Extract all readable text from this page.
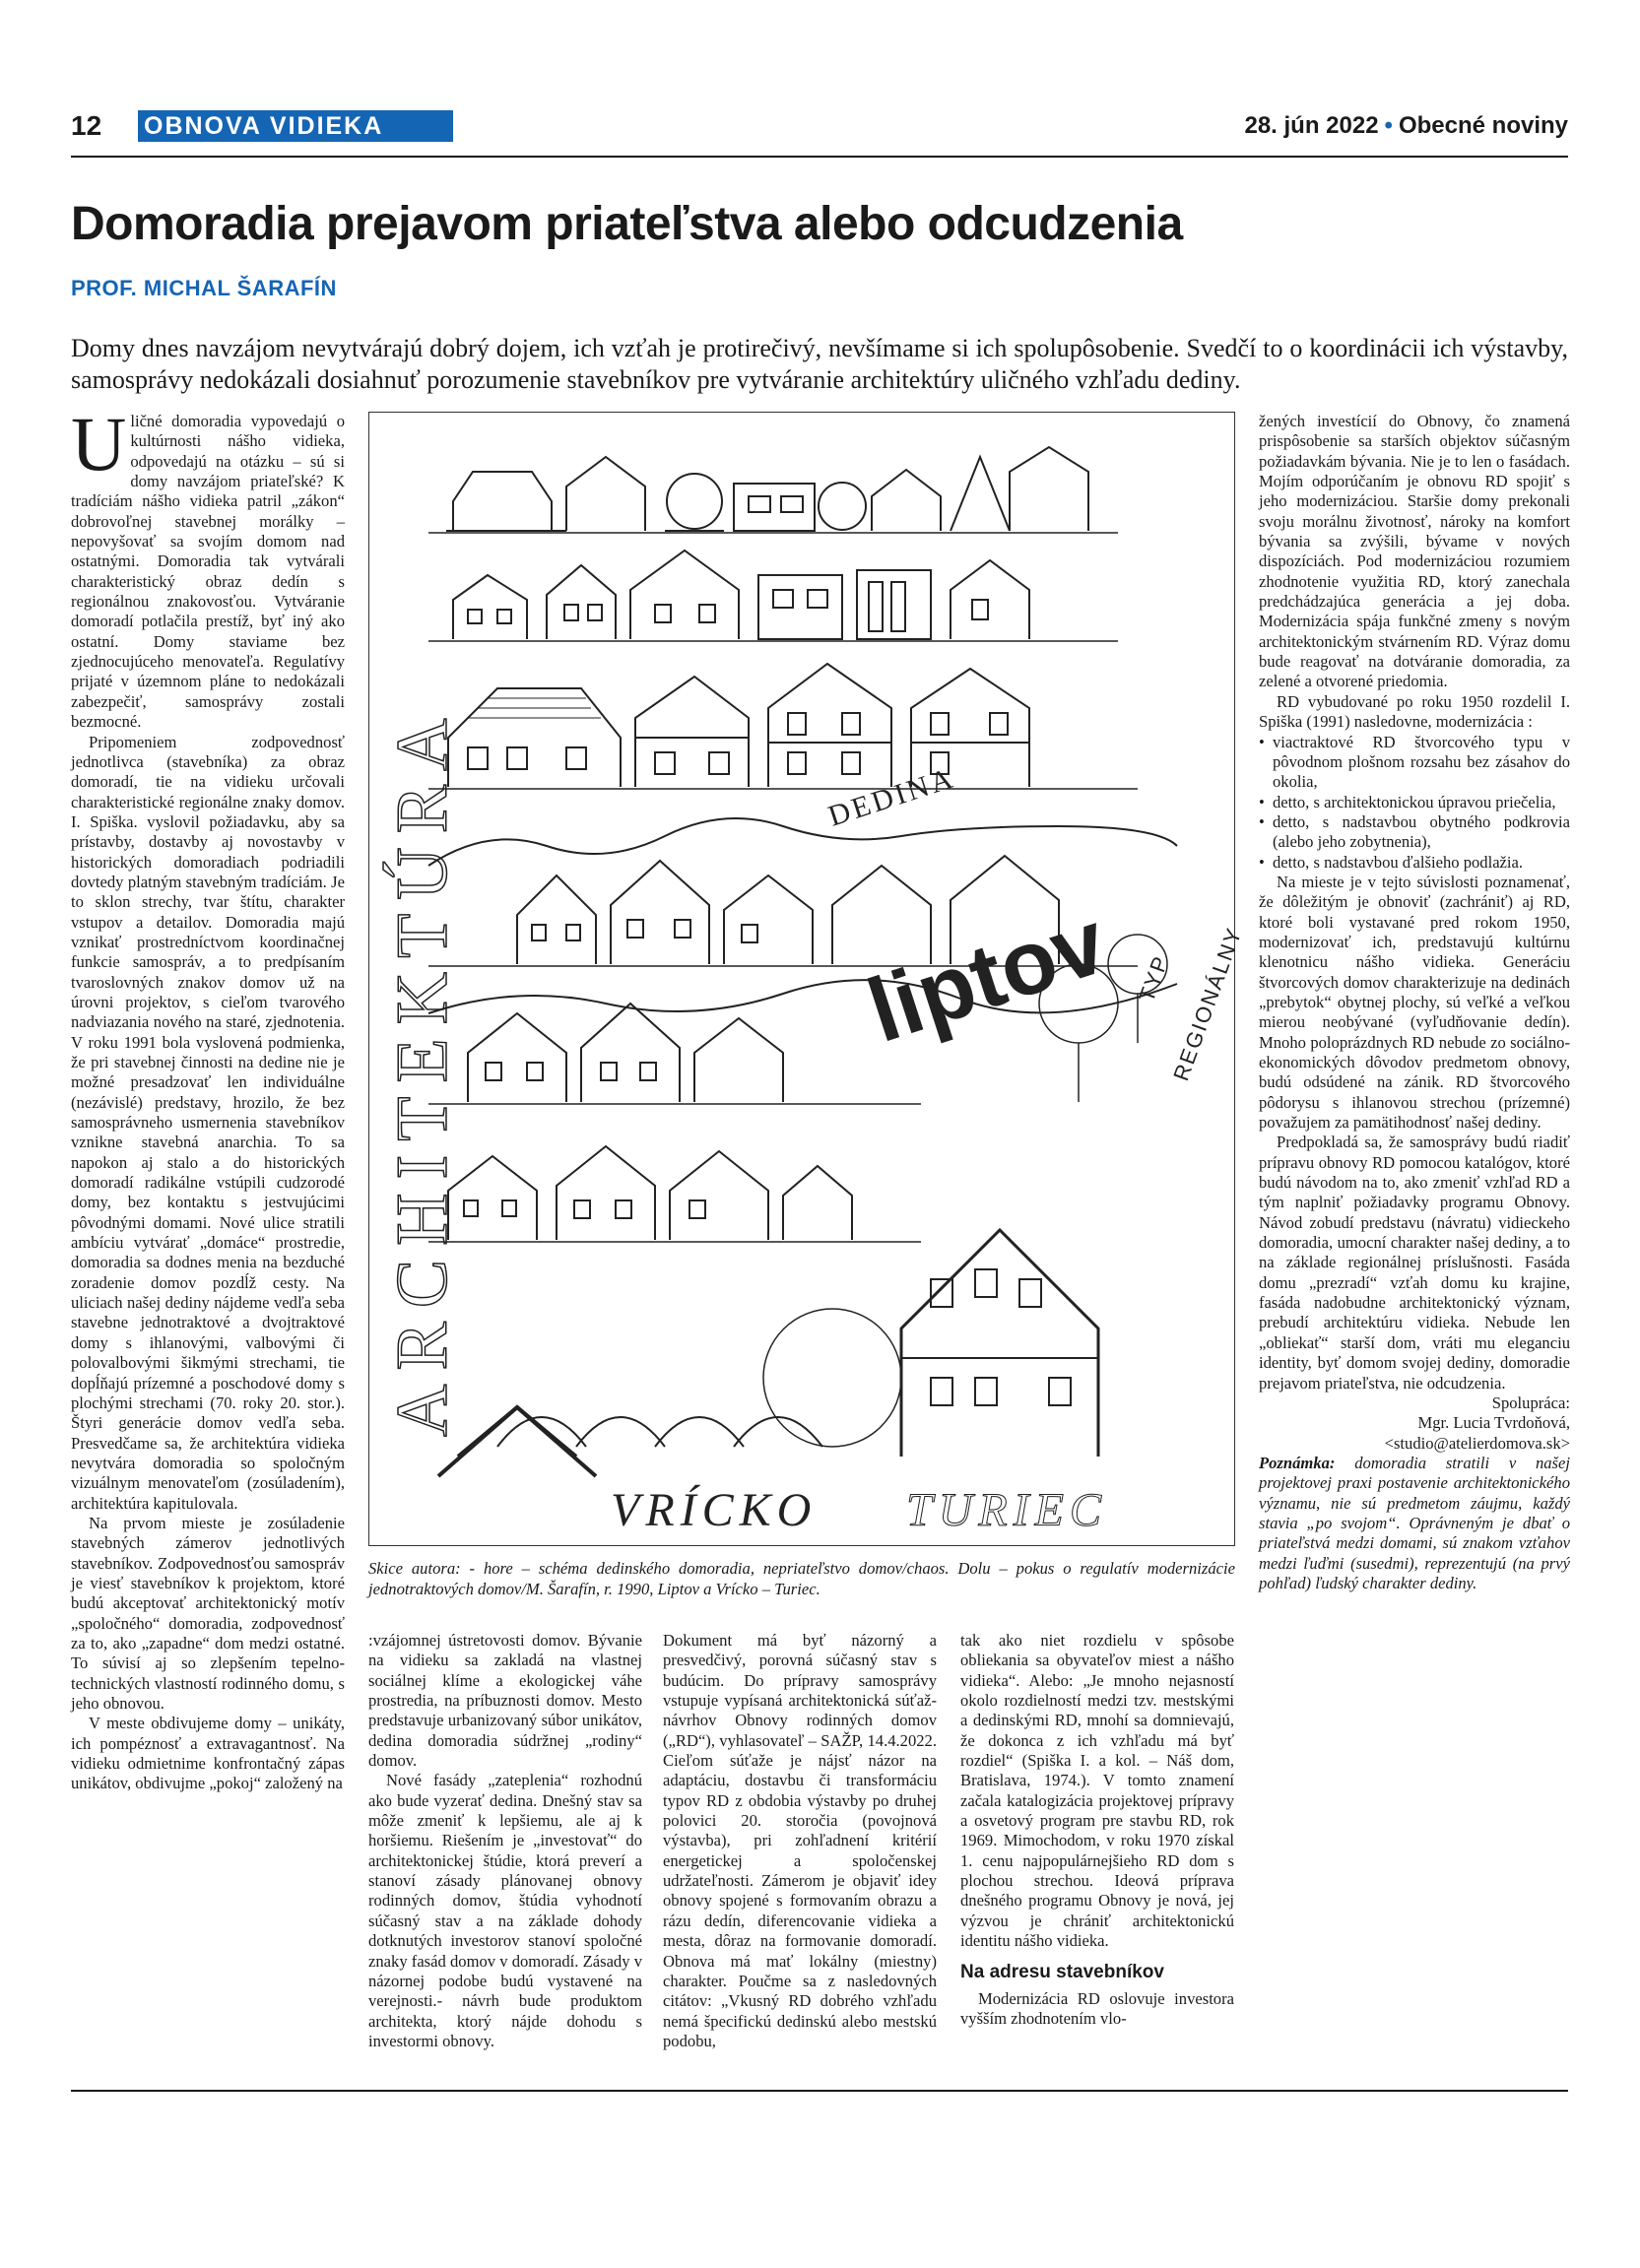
12 OBNOVA VIDIEKA	28. jún 2022 • Obecné noviny
Domoradia prejavom priateľstva alebo odcudzenia
PROF. MICHAL ŠARAFÍN

Domy dnes navzájom nevytvárajú dobrý dojem, ich vzťah je protirečivý, nevšímame si ich spolupôsobenie. Svedčí to o koordinácii ich výstavby, samosprávy nedokázali dosiahnuť porozumenie stavebníkov pre vytváranie architektúry uličného vzhľadu dediny.

Uličné domoradia vypovedajú o kultúrnosti nášho vidieka, odpovedajú na otázku – sú si domy navzájom priateľské? K tradíciám nášho vidieka patril „zákon“ dobrovoľnej stavebnej morálky –nepovyšovať sa svojím domom nad ostatnými. Domoradia tak vytvárali charakteristický obraz dedín s regionálnou znakovosťou. Vytváranie domoradí potlačila prestíž, byť iný ako ostatní. Domy staviame bez zjednocujúceho menovateľa. Regulatívy prijaté v územnom pláne to nedokázali zabezpečiť, samosprávy zostali bezmocné.

Pripomeniem zodpovednosť jednotlivca (stavebníka) za obraz domoradí, tie na vidieku určovali charakteristické regionálne znaky domov. I. Spiška. vyslovil požiadavku, aby sa prístavby, dostavby aj novostavby v historických domoradiach podriadili dovtedy platným stavebným tradíciám. Je to sklon strechy, tvar štítu, charakter vstupov a detailov. Domoradia majú vznikať prostredníctvom koordinačnej funkcie samospráv, a to predpísaním tvaroslovných znakov domov už na úrovni projektov, s cieľom tvarového nadviazania nového na staré, zjednotenia. V roku 1991 bola vyslovená podmienka, že pri stavebnej činnosti na dedine nie je možné presadzovať len individuálne (nezávislé) predstavy, hrozilo, že bez samosprávneho usmernenia stavebníkov vznikne stavebná anarchia. To sa napokon aj stalo a do historických domoradí radikálne vstúpili cudzorodé domy, bez kontaktu s jestvujúcimi pôvodnými domami. Nové ulice stratili ambíciu vytvárať „domáce“ prostredie, domoradia sa dodnes menia na bezduché zoradenie domov pozdĺž cesty. Na uliciach našej dediny nájdeme vedľa seba stavebne jednotraktové a dvojtraktové domy s ihlanovými, valbovými či polovalbovými šikmými strechami, tie dopĺňajú prízemné a poschodové domy s plochými strechami (70. roky 20. stor.). Štyri generácie domov vedľa seba. Presvedčame sa, že architektúra vidieka nevytvára domoradia so spoločným vizuálnym menovateľom (zosúladením), architektúra kapitulovala.

Na prvom mieste je zosúladenie stavebných zámerov jednotlivých stavebníkov. Zodpovednosťou samospráv je viesť stavebníkov k projektom, ktoré budú akceptovať architektonický motív „spoločného“ domoradia, zodpovednosť za to, ako „zapadne“ dom medzi ostatné. To súvisí aj so zlepšením tepelno-technických vlastností rodinného domu, s jeho obnovou.

V meste obdivujeme domy – unikáty, ich pompéznosť a extravagantnosť. Na vidieku odmietnime konfrontačný zápas unikátov, obdivujme „pokoj“ založený na

ARCHITEKTÚRA	DEDINA
liptov REGIONÁLNY
TYP
VRÍCKO TURIEC
Skice autora: - hore – schéma dedinského domoradia, nepriateľstvo domov/chaos. Dolu – pokus o regulatív modernizácie jednotraktových domov/M. Šarafín, r. 1990, Liptov a Vrícko – Turiec.

:vzájomnej ústretovosti domov. Bývanie na vidieku sa zakladá na vlastnej sociálnej klíme a ekologickej váhe prostredia, na príbuznosti domov. Mesto predstavuje urbanizovaný súbor unikátov, dedina domoradia súdržnej „rodiny“ domov.

Nové fasády „zateplenia“ rozhodnú ako bude vyzerať dedina. Dnešný stav sa môže zmeniť k lepšiemu, ale aj k horšiemu. Riešením je „investovať“ do architektonickej štúdie, ktorá preverí a stanoví zásady plánovanej obnovy rodinných domov, štúdia vyhodnotí súčasný stav a na základe dohody dotknutých investorov stanoví spoločné znaky fasád domov v domoradí. Zásady v názornej podobe budú vystavené na verejnosti.- návrh bude produktom architekta, ktorý nájde dohodu s investormi obnovy.

Dokument má byť názorný a presvedčivý, porovná súčasný stav s budúcim. Do prípravy samosprávy vstupuje vypísaná architektonická súťaž- návrhov Obnovy rodinných domov („RD“), vyhlasovateľ – SAŽP, 14.4.2022. Cieľom súťaže je nájsť názor na adaptáciu, dostavbu či transformáciu typov RD z obdobia výstavby po druhej polovici 20. storočia (povojnová výstavba), pri zohľadnení kritérií energetickej a spoločenskej udržateľnosti. Zámerom je objaviť idey obnovy spojené s formovaním obrazu a rázu dedín, diferencovanie vidieka a mesta, dôraz na formovanie domoradí. Obnova má mať lokálny (miestny) charakter. Poučme sa z nasledovných citátov: „Vkusný RD dobrého vzhľadu nemá špecifickú dedinskú alebo mestskú podobu,

tak ako niet rozdielu v spôsobe obliekania sa obyvateľov miest a nášho vidieka“. Alebo: „Je mnoho nejasností okolo rozdielností medzi tzv. mestskými a dedinskými RD, mnohí sa domnievajú, že dokonca z ich vzhľadu má byť rozdiel“ (Spiška I. a kol. – Náš dom, Bratislava, 1974.). V tomto znamení začala katalogizácia projektovej prípravy a osvetový program pre stavbu RD, rok 1969. Mimochodom, v roku 1970 získal 1. cenu najpopulárnejšieho RD dom s plochou strechou. Ideová príprava dnešného programu Obnovy je nová, jej výzvou je chrániť architektonickú identitu nášho vidieka.

Na adresu stavebníkov

Modernizácia RD oslovuje investora vyšším zhodnotením vlo-

žených investícií do Obnovy, čo znamená prispôsobenie sa starších objektov súčasným požiadavkám bývania. Nie je to len o fasádach. Mojím odporúčaním je obnovu RD spojiť s jeho modernizáciou. Staršie domy prekonali svoju morálnu životnosť, nároky na komfort bývania sa zvýšili, bývame v nových dispozíciách. Pod modernizáciou rozumiem zhodnotenie využitia RD, ktorý zanechala predchádzajúca generácia a jej doba. Modernizácia spája funkčné zmeny s novým architektonickým stvárnením RD. Výraz domu bude reagovať na dotváranie domoradia, za zelené a otvorené priedomia.

RD vybudované po roku 1950 rozdelil I. Spiška (1991) nasledovne, modernizácia :

• viactraktové RD štvorcového typu v pôvodnom plošnom rozsahu bez zásahov do okolia,
• detto, s architektonickou úpravou priečelia,
• detto, s nadstavbou obytného podkrovia (alebo jeho zobytnenia),
• detto, s nadstavbou ďalšieho podlažia.

Na mieste je v tejto súvislosti poznamenať, že dôležitým je obnoviť (zachrániť) aj RD, ktoré boli vystavané pred rokom 1950, modernizovať ich, predstavujú kultúrnu klenotnicu nášho vidieka. Generáciu štvorcových domov charakterizuje na dedinách „prebytok“ obytnej plochy, sú veľké a veľkou mierou neobývané (vyľudňovanie dedín). Mnoho poloprázdnych RD nebude zo sociálno-ekonomických dôvodov predmetom obnovy, budú odsúdené na zánik. RD štvorcového pôdorysu s ihlanovou strechou (prízemné) považujem za pamätihodnosť našej dediny.

Predpokladá sa, že samosprávy budú riadiť prípravu obnovy RD pomocou katalógov, ktoré budú návodom na to, ako zmeniť vzhľad RD a tým naplniť požiadavky programu Obnovy. Návod zobudí predstavu (návratu) vidieckeho domoradia, umocní charakter našej dediny, a to na základe regionálnej príslušnosti. Fasáda domu „prezradí“ vzťah domu ku krajine, fasáda nadobudne architektonický význam, prebudí architektúru vidieka. Nebude len „obliekať“ starší dom, vráti mu eleganciu identity, byť domom svojej dediny, domoradie prejavom priateľstva, nie odcudzenia.

Spolupráca:

Mgr. Lucia Tvrdoňová,

<studio@atelierdomova.sk>

Poznámka: domoradia stratili v našej projektovej praxi postavenie architektonického významu, nie sú predmetom záujmu, každý stavia „po svojom“. Oprávneným je dbať o priateľstvá medzi domami, sú znakom vzťahov medzi ľuďmi (susedmi), reprezentujú (na prvý pohľad) ľudský charakter dediny.
